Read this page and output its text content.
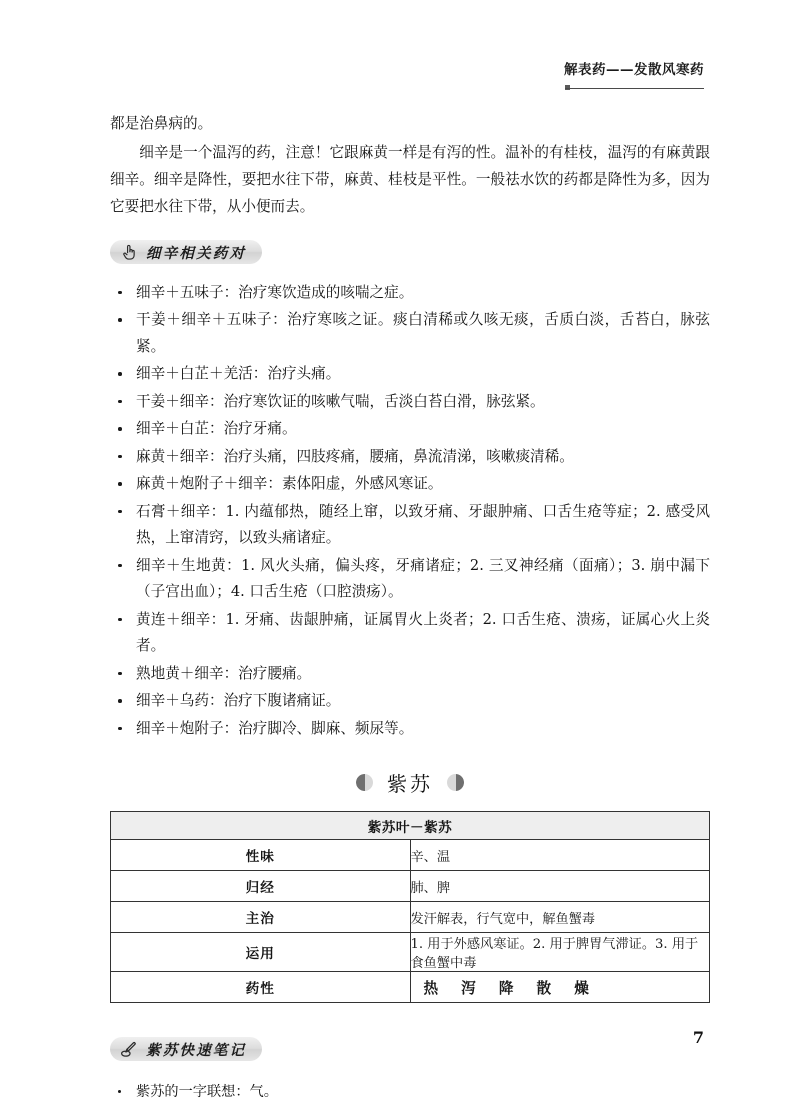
解表药——发散风寒药

都是治鼻病的。

细辛是一个温泻的药，注意！它跟麻黄一样是有泻的性。温补的有桂枝，温泻的有麻黄跟细辛。细辛是降性，要把水往下带，麻黄、桂枝是平性。一般祛水饮的药都是降性为多，因为它要把水往下带，从小便而去。

细辛相关药对
细辛＋五味子：治疗寒饮造成的咳喘之症。
干姜＋细辛＋五味子：治疗寒咳之证。痰白清稀或久咳无痰，舌质白淡，舌苔白，脉弦紧。
细辛＋白芷＋羌活：治疗头痛。
干姜＋细辛：治疗寒饮证的咳嗽气喘，舌淡白苔白滑，脉弦紧。
细辛＋白芷：治疗牙痛。
麻黄＋细辛：治疗头痛，四肢疼痛，腰痛，鼻流清涕，咳嗽痰清稀。
麻黄＋炮附子＋细辛：素体阳虚，外感风寒证。
石膏＋细辛：1. 内蕴郁热，随经上窜，以致牙痛、牙龈肿痛、口舌生疮等症；2. 感受风热，上窜清窍，以致头痛诸症。
细辛＋生地黄：1. 风火头痛，偏头疼，牙痛诸症；2. 三叉神经痛（面痛）；3. 崩中漏下（子宫出血）；4. 口舌生疮（口腔溃疡）。
黄连＋细辛：1. 牙痛、齿龈肿痛，证属胃火上炎者；2. 口舌生疮、溃疡，证属心火上炎者。
熟地黄＋细辛：治疗腰痛。
细辛＋乌药：治疗下腹诸痛证。
细辛＋炮附子：治疗脚冷、脚麻、频尿等。
紫苏
紫苏叶－紫苏	
性味	辛、温
归经	肺、脾
主治	发汗解表，行气宽中，解鱼蟹毒
运用	1. 用于外感风寒证。2. 用于脾胃气滞证。3. 用于食鱼蟹中毒
药性	热 泻 降 散 燥
紫苏快速笔记
紫苏的一字联想：气。
7
